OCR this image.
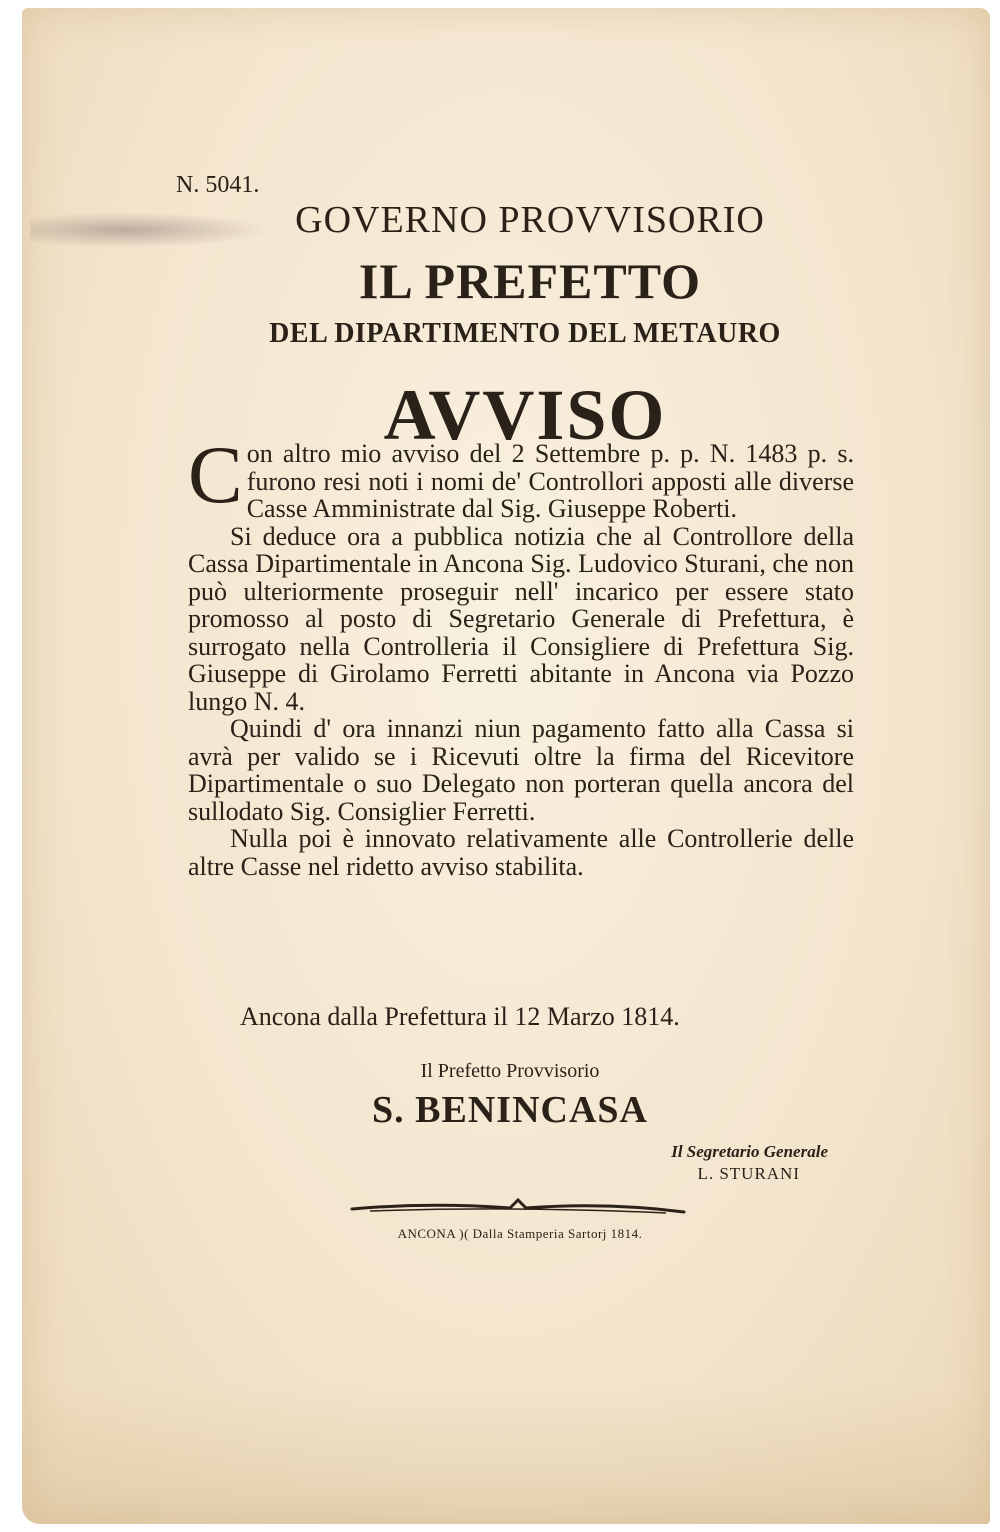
N. 5041.
GOVERNO PROVVISORIO
IL PREFETTO
DEL DIPARTIMENTO DEL METAURO
AVVISO

Con altro mio avviso del 2 Settembre p. p. N. 1483 p. s. furono resi noti i nomi de' Controllori apposti alle diverse Casse Amministrate dal Sig. Giuseppe Roberti.

Si deduce ora a pubblica notizia che al Controllore della Cassa Dipartimentale in Ancona Sig. Ludovico Sturani, che non può ulteriormente proseguir nell' incarico per essere stato promosso al posto di Segretario Generale di Prefettura, è surrogato nella Controlleria il Consigliere di Prefettura Sig. Giuseppe di Girolamo Ferretti abitante in Ancona via Pozzo lungo N. 4.

Quindi d' ora innanzi niun pagamento fatto alla Cassa si avrà per valido se i Ricevuti oltre la firma del Ricevitore Dipartimentale o suo Delegato non porteran quella ancora del sullodato Sig. Consiglier Ferretti.

Nulla poi è innovato relativamente alle Controllerie delle altre Casse nel ridetto avviso stabilita.

Ancona dalla Prefettura il 12 Marzo 1814.
Il Prefetto Provvisorio
S. BENINCASA
Il Segretario Generale
L. STURANI
ANCONA )( Dalla Stamperia Sartorj 1814.
